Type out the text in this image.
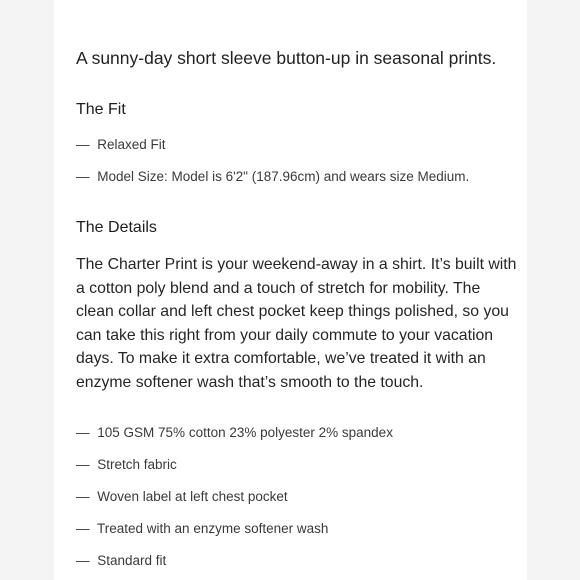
A sunny-day short sleeve button-up in seasonal prints.

The Fit
— Relaxed Fit
— Model Size: Model is 6'2" (187.96cm) and wears size Medium.
The Details

The Charter Print is your weekend-away in a shirt. It’s built with a cotton poly blend and a touch of stretch for mobility. The clean collar and left chest pocket keep things polished, so you can take this right from your daily commute to your vacation days. To make it extra comfortable, we’ve treated it with an enzyme softener wash that’s smooth to the touch.

— 105 GSM 75% cotton 23% polyester 2% spandex
— Stretch fabric
— Woven label at left chest pocket
— Treated with an enzyme softener wash
— Standard fit
